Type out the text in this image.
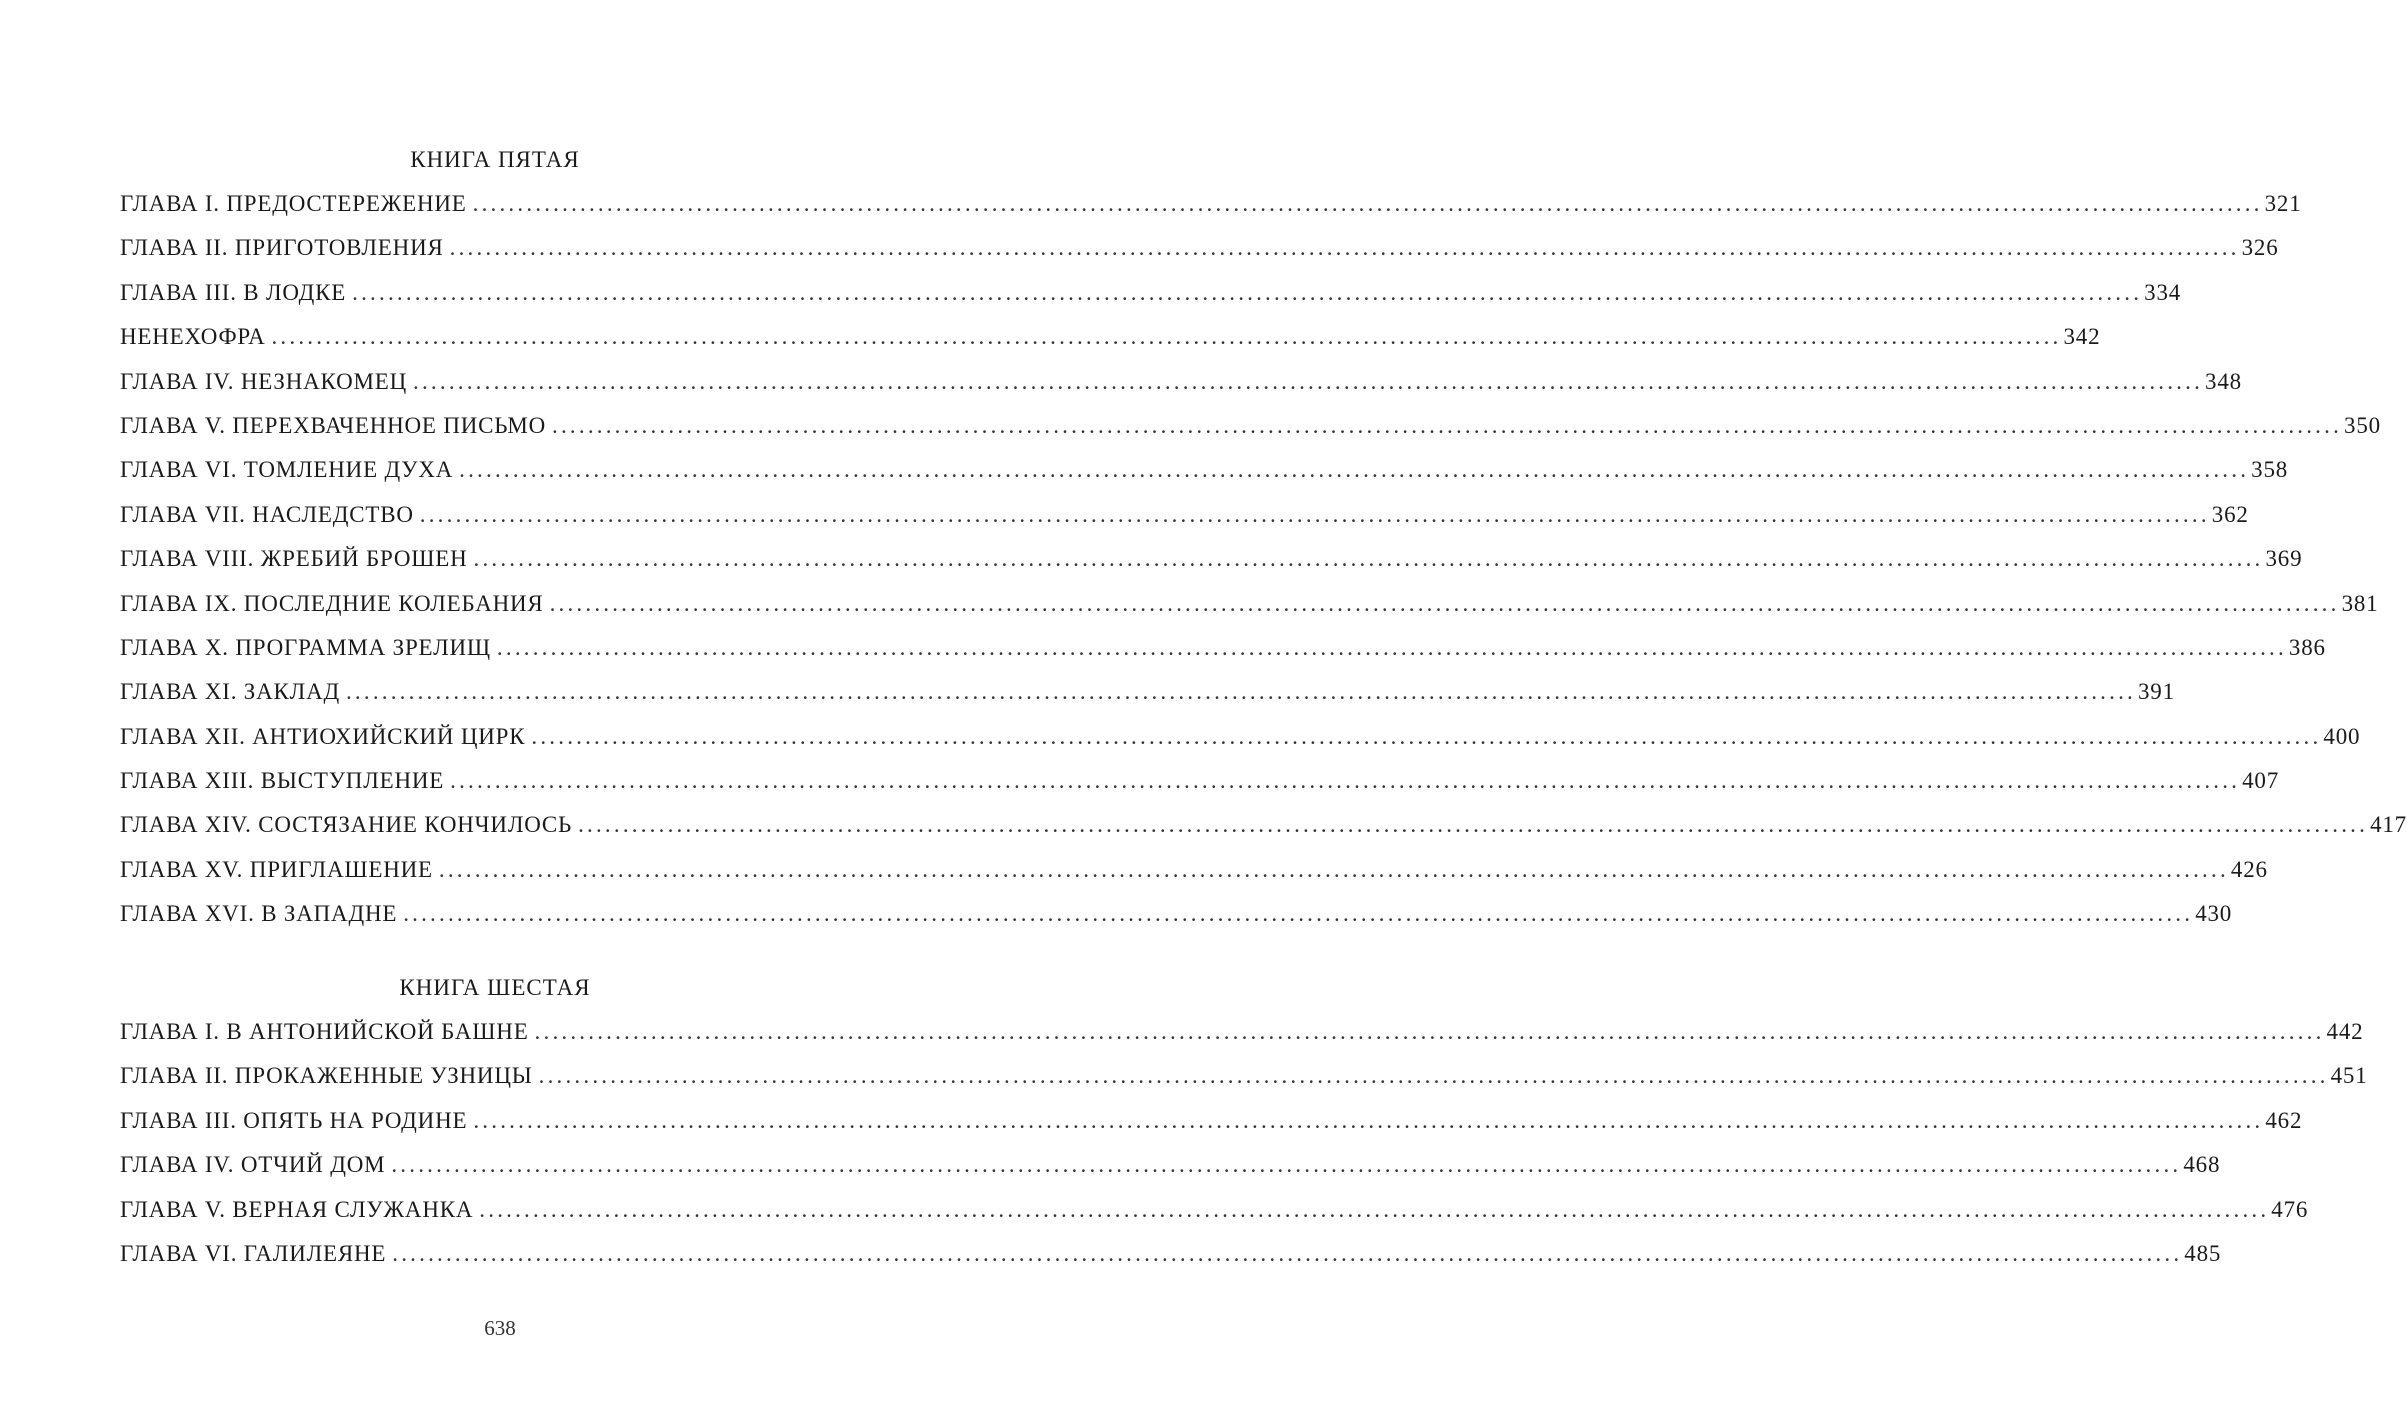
КНИГА ПЯТАЯ
ГЛАВА I. ПРЕДОСТЕРЕЖЕНИЕ ........................................................................................................................................................................................................ 321
ГЛАВА II. ПРИГОТОВЛЕНИЯ ........................................................................................................................................................................................................ 326
ГЛАВА III. В ЛОДКЕ ........................................................................................................................................................................................................ 334
НЕНЕХОФРА ........................................................................................................................................................................................................ 342
ГЛАВА IV. НЕЗНАКОМЕЦ ........................................................................................................................................................................................................ 348
ГЛАВА V. ПЕРЕХВАЧЕННОЕ ПИСЬМО ........................................................................................................................................................................................................ 350
ГЛАВА VI. ТОМЛЕНИЕ ДУХА ........................................................................................................................................................................................................ 358
ГЛАВА VII. НАСЛЕДСТВО ........................................................................................................................................................................................................ 362
ГЛАВА VIII. ЖРЕБИЙ БРОШЕН ........................................................................................................................................................................................................ 369
ГЛАВА IX. ПОСЛЕДНИЕ КОЛЕБАНИЯ ........................................................................................................................................................................................................ 381
ГЛАВА X. ПРОГРАММА ЗРЕЛИЩ ........................................................................................................................................................................................................ 386
ГЛАВА XI. ЗАКЛАД ........................................................................................................................................................................................................ 391
ГЛАВА XII. АНТИОХИЙСКИЙ ЦИРК ........................................................................................................................................................................................................ 400
ГЛАВА XIII. ВЫСТУПЛЕНИЕ ........................................................................................................................................................................................................ 407
ГЛАВА XIV. СОСТЯЗАНИЕ КОНЧИЛОСЬ ........................................................................................................................................................................................................ 417
ГЛАВА XV. ПРИГЛАШЕНИЕ ........................................................................................................................................................................................................ 426
ГЛАВА XVI. В ЗАПАДНЕ ........................................................................................................................................................................................................ 430
КНИГА ШЕСТАЯ
ГЛАВА I. В АНТОНИЙСКОЙ БАШНЕ ........................................................................................................................................................................................................ 442
ГЛАВА II. ПРОКАЖЕННЫЕ УЗНИЦЫ ........................................................................................................................................................................................................ 451
ГЛАВА III. ОПЯТЬ НА РОДИНЕ ........................................................................................................................................................................................................ 462
ГЛАВА IV. ОТЧИЙ ДОМ ........................................................................................................................................................................................................ 468
ГЛАВА V. ВЕРНАЯ СЛУЖАНКА ........................................................................................................................................................................................................ 476
ГЛАВА VI. ГАЛИЛЕЯНЕ ........................................................................................................................................................................................................ 485
638
